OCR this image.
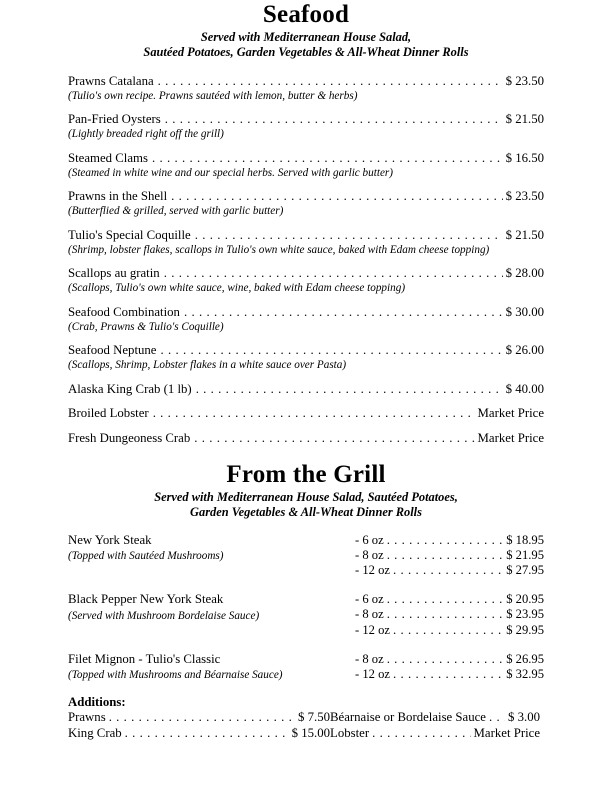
Seafood
Served with Mediterranean House Salad,
Sautéed Potatoes, Garden Vegetables & All-Wheat Dinner Rolls
Prawns Catalana . . .	$ 23.50
(Tulio's own recipe. Prawns sautéed with lemon, butter & herbs)
Pan-Fried Oysters . . .	$ 21.50
(Lightly breaded right off the grill)
Steamed Clams . . .	$ 16.50
(Steamed in white wine and our special herbs. Served with garlic butter)
Prawns in the Shell . . .	$ 23.50
(Butterflied & grilled, served with garlic butter)
Tulio's Special Coquille . . .	$ 21.50
(Shrimp, lobster flakes, scallops in Tulio's own white sauce, baked with Edam cheese topping)
Scallops au gratin . . .	$ 28.00
(Scallops, Tulio's own white sauce, wine, baked with Edam cheese topping)
Seafood Combination . . .	$ 30.00
(Crab, Prawns & Tulio's Coquille)
Seafood Neptune . . .	$ 26.00
(Scallops, Shrimp, Lobster flakes in a white sauce over Pasta)
Alaska King Crab (1 lb) . . .	$ 40.00
Broiled Lobster . . .	Market Price
Fresh Dungeoness Crab . . .	Market Price
From the Grill
Served with Mediterranean House Salad, Sautéed Potatoes,
Garden Vegetables & All-Wheat Dinner Rolls
New York Steak
(Topped with Sautéed Mushrooms)
- 6 oz . . .	$ 18.95
- 8 oz . . .	$ 21.95
- 12 oz . . .	$ 27.95
Black Pepper New York Steak
(Served with Mushroom Bordelaise Sauce)
- 6 oz . . .	$ 20.95
- 8 oz . . .	$ 23.95
- 12 oz . . .	$ 29.95
Filet Mignon - Tulio's Classic
(Topped with Mushrooms and Béarnaise Sauce)
- 8 oz . . .	$ 26.95
- 12 oz . . .	$ 32.95
Additions:
Prawns . . .	$ 7.50
King Crab . . .	$ 15.00
Béarnaise or Bordelaise Sauce . . . $ 3.00
Lobster . . .	Market Price
